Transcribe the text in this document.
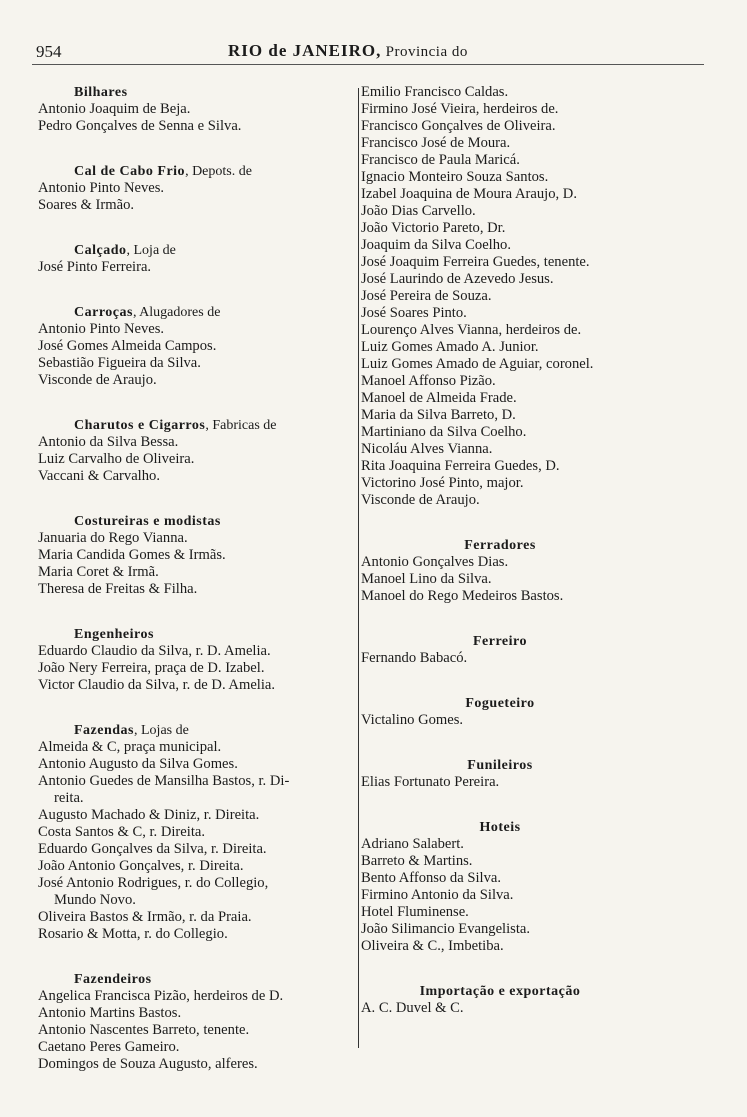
954	RIO de JANEIRO, Provincia do
Bilhares
Antonio Joaquim de Beja.
Pedro Gonçalves de Senna e Silva.
Cal de Cabo Frio, Depots. de
Antonio Pinto Neves.
Soares & Irmão.
Calçado, Loja de
José Pinto Ferreira.
Carroças, Alugadores de
Antonio Pinto Neves.
José Gomes Almeida Campos.
Sebastião Figueira da Silva.
Visconde de Araujo.
Charutos e Cigarros, Fabricas de
Antonio da Silva Bessa.
Luiz Carvalho de Oliveira.
Vaccani & Carvalho.
Costureiras e modistas
Januaria do Rego Vianna.
Maria Candida Gomes & Irmãs.
Maria Coret & Irmã.
Theresa de Freitas & Filha.
Engenheiros
Eduardo Claudio da Silva, r. D. Amelia.
João Nery Ferreira, praça de D. Izabel.
Victor Claudio da Silva, r. de D. Amelia.
Fazendas, Lojas de
Almeida & C, praça municipal.
Antonio Augusto da Silva Gomes.
Antonio Guedes de Mansilha Bastos, r. Di-
reita.
Augusto Machado & Diniz, r. Direita.
Costa Santos & C, r. Direita.
Eduardo Gonçalves da Silva, r. Direita.
João Antonio Gonçalves, r. Direita.
José Antonio Rodrigues, r. do Collegio,
Mundo Novo.
Oliveira Bastos & Irmão, r. da Praia.
Rosario & Motta, r. do Collegio.
Fazendeiros
Angelica Francisca Pizão, herdeiros de D.
Antonio Martins Bastos.
Antonio Nascentes Barreto, tenente.
Caetano Peres Gameiro.
Domingos de Souza Augusto, alferes.
Emilio Francisco Caldas.
Firmino José Vieira, herdeiros de.
Francisco Gonçalves de Oliveira.
Francisco José de Moura.
Francisco de Paula Maricá.
Ignacio Monteiro Souza Santos.
Izabel Joaquina de Moura Araujo, D.
João Dias Carvello.
João Victorio Pareto, Dr.
Joaquim da Silva Coelho.
José Joaquim Ferreira Guedes, tenente.
José Laurindo de Azevedo Jesus.
José Pereira de Souza.
José Soares Pinto.
Lourenço Alves Vianna, herdeiros de.
Luiz Gomes Amado A. Junior.
Luiz Gomes Amado de Aguiar, coronel.
Manoel Affonso Pizão.
Manoel de Almeida Frade.
Maria da Silva Barreto, D.
Martiniano da Silva Coelho.
Nicoláu Alves Vianna.
Rita Joaquina Ferreira Guedes, D.
Victorino José Pinto, major.
Visconde de Araujo.
Ferradores
Antonio Gonçalves Dias.
Manoel Lino da Silva.
Manoel do Rego Medeiros Bastos.
Ferreiro
Fernando Babacó.
Fogueteiro
Victalino Gomes.
Funileiros
Elias Fortunato Pereira.
Hoteis
Adriano Salabert.
Barreto & Martins.
Bento Affonso da Silva.
Firmino Antonio da Silva.
Hotel Fluminense.
João Silimancio Evangelista.
Oliveira & C., Imbetiba.
Importação e exportação
A. C. Duvel & C.
